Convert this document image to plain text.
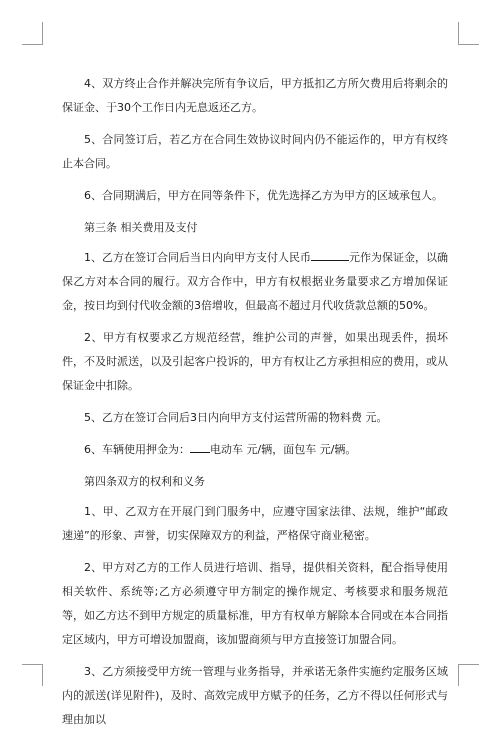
4、双方终止合作并解决完所有争议后，甲方抵扣乙方所欠费用后将剩余的保证金、于30个工作日内无息返还乙方。

5、合同签订后，若乙方在合同生效协议时间内仍不能运作的，甲方有权终止本合同。

6、合同期满后，甲方在同等条件下，优先选择乙方为甲方的区域承包人。

第三条 相关费用及支付

1、乙方在签订合同后当日内向甲方支付人民币	元作为保证金，以确保乙方对本合同的履行。双方合作中，甲方有权根据业务量要求乙方增加保证金，按日均到付代收金额的3倍增收，但最高不超过月代收货款总额的50%。

2、甲方有权要求乙方规范经营，维护公司的声誉，如果出现丢件，损坏件，不及时派送，以及引起客户投诉的，甲方有权让乙方承担相应的费用，或从保证金中扣除。

5、乙方在签订合同后3日内向甲方支付运营所需的物料费 元。

6、车辆使用押金为： 电动车 元/辆，面包车 元/辆。

第四条双方的权利和义务

1、甲、乙双方在开展门到门服务中，应遵守国家法律、法规，维护“邮政速递”的形象、声誉，切实保障双方的利益，严格保守商业秘密。

2、甲方对乙方的工作人员进行培训、指导，提供相关资料，配合指导使用相关软件、系统等;乙方必须遵守甲方制定的操作规定、考核要求和服务规范等，如乙方达不到甲方规定的质量标准，甲方有权单方解除本合同或在本合同指定区域内，甲方可增设加盟商，该加盟商须与甲方直接签订加盟合同。

3、乙方须接受甲方统一管理与业务指导，并承诺无条件实施约定服务区域内的派送(详见附件)，及时、高效完成甲方赋予的任务，乙方不得以任何形式与理由加以
